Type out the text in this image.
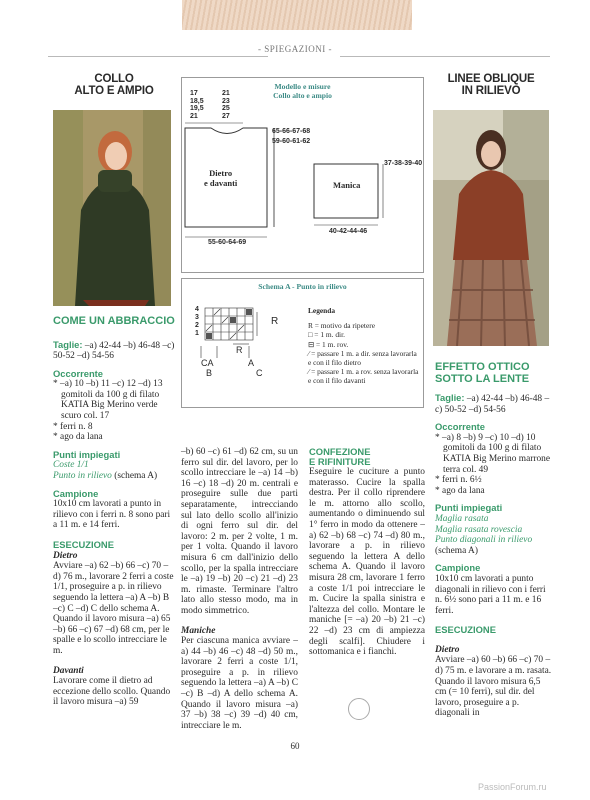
- SPIEGAZIONI -
COLLO
ALTO E AMPIO
COME UN ABBRACCIO
Taglie: –a) 42-44 –b) 46-48 –c) 50-52 –d) 54-56
Occorrente
* –a) 10 –b) 11 –c) 12 –d) 13 gomitoli da 100 g di filato KATIA Big Merino verde scuro col. 17
* ferri n. 8
* ago da lana
Punti impiegati
Coste 1/1
Punto in rilievo (schema A)
Campione
10x10 cm lavorati a punto in rilievo con i ferri n. 8 sono pari a 11 m. e 14 ferri.
ESECUZIONE
Dietro
Avviare –a) 62 –b) 66 –c) 70 –d) 76 m., lavorare 2 ferri a coste 1/1, proseguire a p. in rilievo seguendo la lettera –a) A –b) B –c) C –d) C dello schema A. Quando il lavoro misura –a) 65 –b) 66 –c) 67 –d) 68 cm, per le spalle e lo scollo intrecciare le m.
Davanti
Lavorare come il dietro ad eccezione dello scollo. Quando il lavoro misura –a) 59
Modello e misure
Collo alto e ampio
17
18,5
19,5
21
21
23
25
27
65-66-67-68
59-60-61-62
Dietro
e davanti
55-60-64-69
Manica
37-38-39-40
40-42-44-46
Schema A - Punto in rilievo
4
3
2
1
R
CA
B
A
C
R
Legenda
R = motivo da ripetere
□ = 1 m. dir.
⊟ = 1 m. rov.
⁄ = passare 1 m. a dir. senza lavorarla e con il filo dietro
⁄ = passare 1 m. a rov. senza lavorarla e con il filo davanti
–b) 60 –c) 61 –d) 62 cm, su un ferro sul dir. del lavoro, per lo scollo intrecciare le –a) 14 –b) 16 –c) 18 –d) 20 m. centrali e proseguire sulle due parti separatamente, intrecciando sul lato dello scollo all'inizio di ogni ferro sul dir. del lavoro: 2 m. per 2 volte, 1 m. per 1 volta. Quando il lavoro misura 6 cm dall'inizio dello scollo, per la spalla intrecciare le –a) 19 –b) 20 –c) 21 –d) 23 m. rimaste. Terminare l'altro lato allo stesso modo, ma in modo simmetrico.
Maniche
Per ciascuna manica avviare –a) 44 –b) 46 –c) 48 –d) 50 m., lavorare 2 ferri a coste 1/1, proseguire a p. in rilievo seguendo la lettera –a) A –b) C –c) B –d) A dello schema A. Quando il lavoro misura –a) 37 –b) 38 –c) 39 –d) 40 cm, intrecciare le m.
CONFEZIONE
E RIFINITURE
Eseguire le cuciture a punto materasso. Cucire la spalla destra. Per il collo riprendere le m. attorno allo scollo, aumentando o diminuendo sul 1° ferro in modo da ottenere –a) 62 –b) 68 –c) 74 –d) 80 m., lavorare a p. in rilievo seguendo la lettera A dello schema A. Quando il lavoro misura 28 cm, lavorare 1 ferro a coste 1/1 poi intrecciare le m. Cucire la spalla sinistra e l'altezza del collo. Montare le maniche [= –a) 20 –b) 21 –c) 22 –d) 23 cm di ampiezza degli scalfi]. Chiudere i sottomanica e i fianchi.
LINEE OBLIQUE
IN RILIEVO
EFFETTO OTTICO
SOTTO LA LENTE
Taglie: –a) 42-44 –b) 46-48 –c) 50-52 –d) 54-56
Occorrente
* –a) 8 –b) 9 –c) 10 –d) 10 gomitoli da 100 g di filato KATIA Big Merino marrone terra col. 49
* ferri n. 6½
* ago da lana
Punti impiegati
Maglia rasata
Maglia rasata rovescia
Punto diagonali in rilievo
(schema A)
Campione
10x10 cm lavorati a punto diagonali in rilievo con i ferri n. 6½ sono pari a 11 m. e 16 ferri.
ESECUZIONE
Dietro
Avviare –a) 60 –b) 66 –c) 70 –d) 75 m. e lavorare a m. rasata. Quando il lavoro misura 6,5 cm (= 10 ferri), sul dir. del lavoro, proseguire a p. diagonali in
60
PassionForum.ru
